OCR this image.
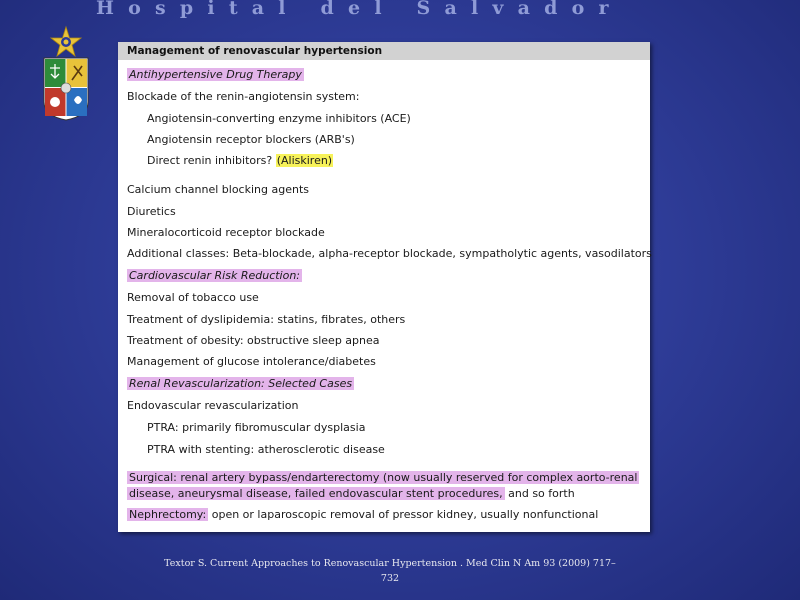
Hospital del Salvador
Management of renovascular hypertension
Antihypertensive Drug Therapy
Blockade of the renin-angiotensin system:
Angiotensin-converting enzyme inhibitors (ACE)
Angiotensin receptor blockers (ARB's)
Direct renin inhibitors? (Aliskiren)
Calcium channel blocking agents
Diuretics
Mineralocorticoid receptor blockade
Additional classes: Beta-blockade, alpha-receptor blockade, sympatholytic agents, vasodilators
Cardiovascular Risk Reduction:
Removal of tobacco use
Treatment of dyslipidemia: statins, fibrates, others
Treatment of obesity: obstructive sleep apnea
Management of glucose intolerance/diabetes
Renal Revascularization: Selected Cases
Endovascular revascularization
PTRA: primarily fibromuscular dysplasia
PTRA with stenting: atherosclerotic disease
Surgical: renal artery bypass/endarterectomy (now usually reserved for complex aorto-renal
disease, aneurysmal disease, failed endovascular stent procedures, and so forth
Nephrectomy: open or laparoscopic removal of pressor kidney, usually nonfunctional
Textor S. Current Approaches to Renovascular Hypertension . Med Clin N Am 93 (2009) 717–
732
